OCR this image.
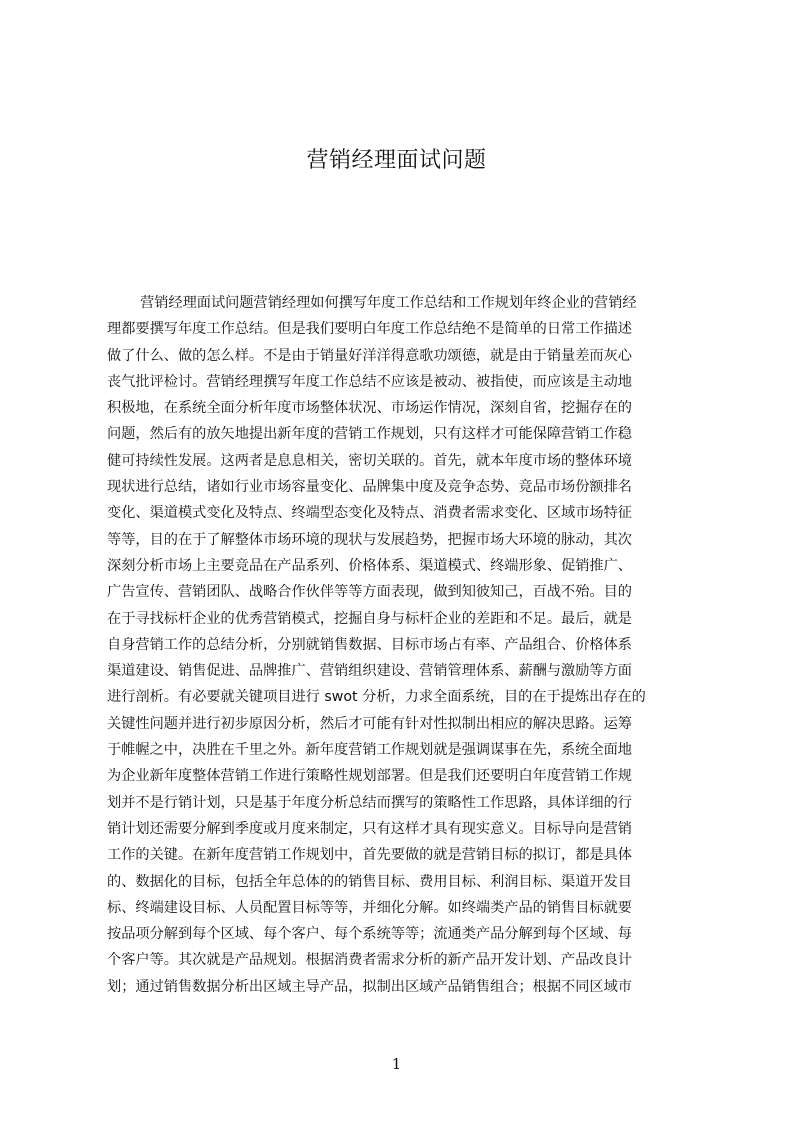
营销经理面试问题
营销经理面试问题营销经理如何撰写年度工作总结和工作规划年终企业的营销经
理都要撰写年度工作总结。但是我们要明白年度工作总结绝不是简单的日常工作描述
做了什么、做的怎么样。不是由于销量好洋洋得意歌功颂德，就是由于销量差而灰心
丧气批评检讨。营销经理撰写年度工作总结不应该是被动、被指使，而应该是主动地
积极地，在系统全面分析年度市场整体状况、市场运作情况，深刻自省，挖掘存在的
问题，然后有的放矢地提出新年度的营销工作规划，只有这样才可能保障营销工作稳
健可持续性发展。这两者是息息相关，密切关联的。首先，就本年度市场的整体环境
现状进行总结，诸如行业市场容量变化、品牌集中度及竞争态势、竞品市场份额排名
变化、渠道模式变化及特点、终端型态变化及特点、消费者需求变化、区域市场特征
等等，目的在于了解整体市场环境的现状与发展趋势，把握市场大环境的脉动，其次
深刻分析市场上主要竞品在产品系列、价格体系、渠道模式、终端形象、促销推广、
广告宣传、营销团队、战略合作伙伴等等方面表现，做到知彼知己，百战不殆。目的
在于寻找标杆企业的优秀营销模式，挖掘自身与标杆企业的差距和不足。最后，就是
自身营销工作的总结分析，分别就销售数据、目标市场占有率、产品组合、价格体系
渠道建设、销售促进、品牌推广、营销组织建设、营销管理体系、薪酬与激励等方面
进行剖析。有必要就关键项目进行 swot 分析，力求全面系统，目的在于提炼出存在的
关键性问题并进行初步原因分析，然后才可能有针对性拟制出相应的解决思路。运筹
于帷幄之中，决胜在千里之外。新年度营销工作规划就是强调谋事在先，系统全面地
为企业新年度整体营销工作进行策略性规划部署。但是我们还要明白年度营销工作规
划并不是行销计划，只是基于年度分析总结而撰写的策略性工作思路，具体详细的行
销计划还需要分解到季度或月度来制定，只有这样才具有现实意义。目标导向是营销
工作的关键。在新年度营销工作规划中，首先要做的就是营销目标的拟订，都是具体
的、数据化的目标，包括全年总体的的销售目标、费用目标、利润目标、渠道开发目
标、终端建设目标、人员配置目标等等，并细化分解。如终端类产品的销售目标就要
按品项分解到每个区域、每个客户、每个系统等等；流通类产品分解到每个区域、每
个客户等。其次就是产品规划。根据消费者需求分析的新产品开发计划、产品改良计
划；通过销售数据分析出区域主导产品，拟制出区域产品销售组合；根据不同区域市
1
